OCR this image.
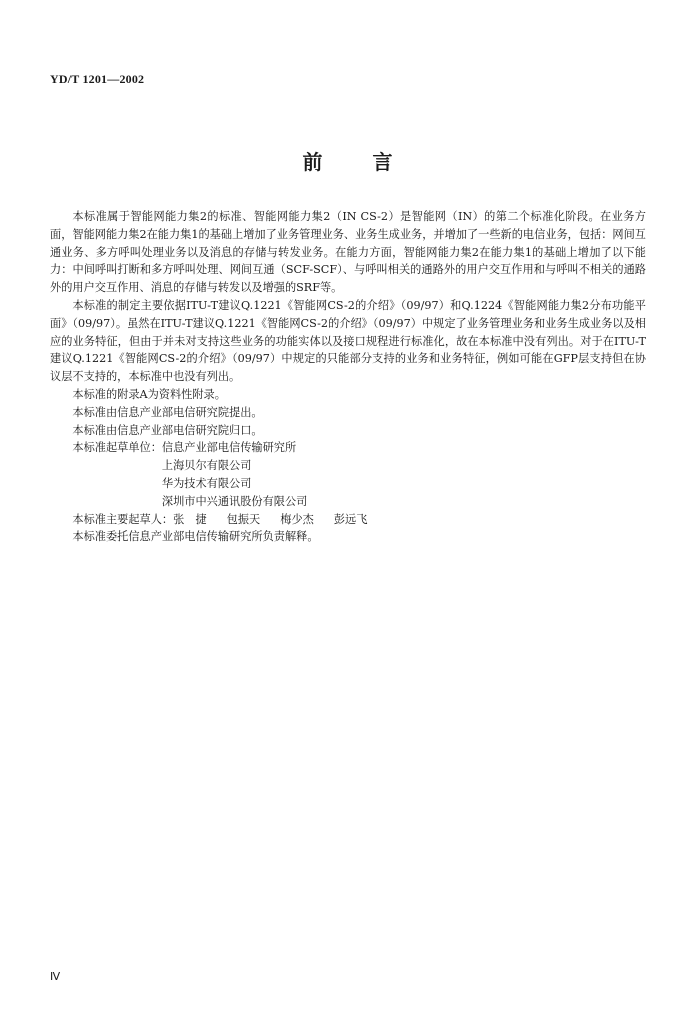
YD/T 1201—2002
前	言

本标准属于智能网能力集2的标准、智能网能力集2（IN CS-2）是智能网（IN）的第二个标准化阶段。在业务方面，智能网能力集2在能力集1的基础上增加了业务管理业务、业务生成业务，并增加了一些新的电信业务，包括：网间互通业务、多方呼叫处理业务以及消息的存储与转发业务。在能力方面，智能网能力集2在能力集1的基础上增加了以下能力：中间呼叫打断和多方呼叫处理、网间互通（SCF-SCF）、与呼叫相关的通路外的用户交互作用和与呼叫不相关的通路外的用户交互作用、消息的存储与转发以及增强的SRF等。

本标准的制定主要依据ITU-T建议Q.1221《智能网CS-2的介绍》（09/97）和Q.1224《智能网能力集2分布功能平面》（09/97）。虽然在ITU-T建议Q.1221《智能网CS-2的介绍》（09/97）中规定了业务管理业务和业务生成业务以及相应的业务特征，但由于并未对支持这些业务的功能实体以及接口规程进行标准化，故在本标准中没有列出。对于在ITU-T建议Q.1221《智能网CS-2的介绍》（09/97）中规定的只能部分支持的业务和业务特征，例如可能在GFP层支持但在协议层不支持的，本标准中也没有列出。

本标准的附录A为资料性附录。

本标准由信息产业部电信研究院提出。

本标准由信息产业部电信研究院归口。

本标准起草单位： 信息产业部电信传输研究所
上海贝尔有限公司
华为技术有限公司
深圳市中兴通讯股份有限公司

本标准主要起草人：张　捷 包振天 梅少杰 彭远飞

本标准委托信息产业部电信传输研究所负责解释。

Ⅳ
